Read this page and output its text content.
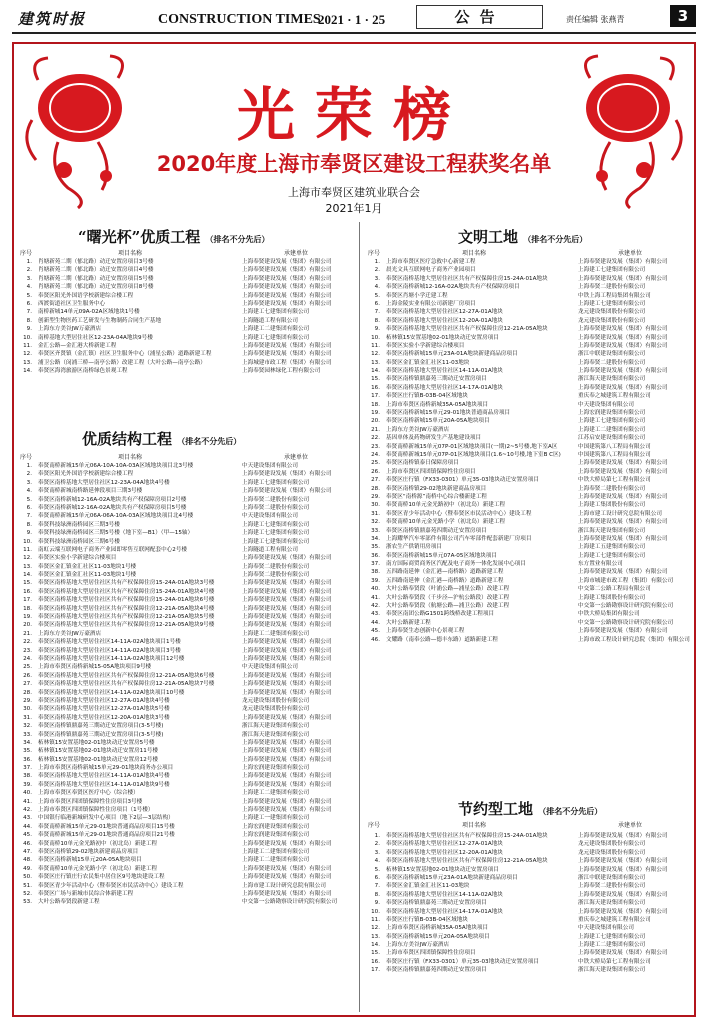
建筑时报	CONSTRUCTION TIMES
2021 · 1 · 25	公告	责任编辑 张燕青	3
光荣榜
2020年度上海市奉贤区建设工程获奖名单
上海市奉贤区建筑业联合会
2021年1月
“曙光杯”优质工程 （排名不分先后）
序号	项目名称	承建单位
1. 肖塘新苑二期（郁北路）动迁安置房项目3号楼	上海奉贤建设发展（集团）有限公司
2. 肖塘新苑二期（郁北路）动迁安置房项目4号楼	上海奉贤建设发展（集团）有限公司
3. 肖塘新苑二期（郁北路）动迁安置房项目5号楼	上海奉贤建设发展（集团）有限公司
4. 肖塘新苑二期（郁北路）动迁安置房项目8号楼	上海奉贤建设发展（集团）有限公司
5. 奉贤区阳光外国语学校新建综合楼工程	上海奉贤建设发展（集团）有限公司
6. 西渡街道社区卫生服务中心	上海奉贤建设发展（集团）有限公司
7. 南桥新城14单元09A-02A区域地块1号楼	上海建工七建集团有限公司
8. 创新型生物医药工艺研发与生物制药合同生产基地	上海隧道工程有限公司
9. 上海东方美谷JW万豪酒店	上海建工二建集团有限公司
10. 南桥基地大型居住社区12-23A-04A地块9号楼	上海建工七建集团有限公司
11. 金汇公路—金汇港大桥新建工程	上海奉贤建设发展（集团）有限公司
12. 奉贤区齐贤镇（金汇镇）社区卫生服务中心（浦星公路）道路新建工程	上海奉贤建设发展（集团）有限公司
13. 浦卫公路（闵浦三桥—南亭公路）改建工程（大叶公路—南亭公路）	上海城建市政工程（集团）有限公司
14. 奉贤区海湾旅游区南桥绿色景观工程	上海奉贤园林绿化工程有限公司
优质结构工程 （排名不分先后）
序号	项目名称	承建单位
1. 奉贤南桥新城15单元06A-10A-10A-03A区域地块项目北3号楼	中天建设集团有限公司
2. 奉贤区阳光外国语学校新建综合楼工程	上海奉贤建设发展（集团）有限公司
3. 奉贤区南桥基地大型居住社区12-23A-04A地块4号楼	上海建工七建集团有限公司
4. 奉贤南桥新城南桥路延伸段项目三期3号楼	上海奉贤建设发展（集团）有限公司
5. 奉贤区南桥新城12-16A-02A地块共有产权保障房项目2号楼	上海奉贤二建股份有限公司
6. 奉贤区南桥新城12-16A-02A地块共有产权保障房项目5号楼	上海奉贤二建股份有限公司
7. 奉贤南桥新城15单元06A-06A-10A-03A区域地块项目北4号楼	中天建设集团有限公司
8. 奉贤科技绿洲南桥园区三期3号楼	上海建工七建集团有限公司
9. 奉贤科技绿洲南桥园区三期5号楼（地下室—B1）（甲—15轴）	上海建工七建集团有限公司
10. 奉贤科技绿洲南桥园区三期6号楼	上海建工七建集团有限公司
11. 南虹云端互联网电子商务产业园即零售互联网配套中心2号楼	上海隧道工程有限公司
12. 奉贤区实验小学新建综合楼项目	上海奉贤建设发展（集团）有限公司
13. 奉贤区金汇镇金汇社区11-03地块1号楼	上海奉贤二建股份有限公司
14. 奉贤区金汇镇金汇社区11-03地块1号楼	上海奉贤二建股份有限公司
15. 奉贤区南桥基地大型居住社区共有产权保障住房15-24A-01A地块3号楼	上海奉贤建设发展（集团）有限公司
16. 奉贤区南桥基地大型居住社区共有产权保障住房15-24A-01A地块4号楼	上海奉贤建设发展（集团）有限公司
17. 奉贤区南桥基地大型居住社区共有产权保障住房15-24A-01A地块6号楼	上海奉贤建设发展（集团）有限公司
18. 奉贤区南桥基地大型居住社区共有产权保障住房12-21A-05A地块4号楼	上海奉贤建设发展（集团）有限公司
19. 奉贤区南桥基地大型居住社区共有产权保障住房12-21A-05A地块5号楼	上海奉贤建设发展（集团）有限公司
20. 奉贤区南桥基地大型居住社区共有产权保障住房12-21A-05A地块9号楼	上海奉贤建设发展（集团）有限公司
21. 上海东方美谷JW万豪酒店	上海建工二建集团有限公司
22. 奉贤区南桥基地大型居住社区14-11A-02A地块项目1号楼	上海奉贤建设发展（集团）有限公司
23. 奉贤区南桥基地大型居住社区14-11A-02A地块项目3号楼	上海奉贤建设发展（集团）有限公司
24. 奉贤区南桥基地大型居住社区14-11A-02A地块项目12号楼	上海奉贤建设发展（集团）有限公司
25. 上海市奉贤区南桥新城15-05A地块项目9号楼	中天建设集团有限公司
26. 奉贤区南桥基地大型居住社区共有产权保障住房12-21A-05A地块6号楼	上海奉贤建设发展（集团）有限公司
27. 奉贤区南桥基地大型居住社区共有产权保障住房12-21A-05A地块7号楼	上海奉贤建设发展（集团）有限公司
28. 奉贤区南桥基地大型居住社区14-11A-02A地块项目10号楼	上海奉贤建设发展（集团）有限公司
29. 奉贤区南桥基地大型居住社区12-27A-01A地块4号楼	龙元建设集团股份有限公司
30. 奉贤区南桥基地大型居住社区12-27A-01A地块5号楼	龙元建设集团股份有限公司
31. 奉贤区南桥基地大型居住社区12-20A-01A地块3号楼	上海奉贤建设发展（集团）有限公司
32. 奉贤区南桥镇鼎嘉苑三期动迁安置房项目(3-5号楼)	浙江海天建设集团有限公司
33. 奉贤区南桥镇鼎嘉苑三期动迁安置房项目(3-5号楼)	浙江海天建设集团有限公司
34. 柘林镇15安置基地02-01地块动迁安置房5号楼	上海奉贤建设发展（集团）有限公司
35. 柘林镇15安置基地02-01地块动迁安置房11号楼	上海奉贤建设发展（集团）有限公司
36. 柘林镇15安置基地02-01地块动迁安置房12号楼	上海奉贤建设发展（集团）有限公司
37. 上海市奉贤区南桥新城15单元29-01地块商务办公项目	上海宏润建设集团有限公司
38. 奉贤区南桥基地大型居住社区14-11A-01A地块4号楼	上海奉贤建设发展（集团）有限公司
39. 奉贤区南桥基地大型居住社区14-11A-01A地块9号楼	上海奉贤建设发展（集团）有限公司
40. 上海市奉贤区奉贤区医疗中心（综合楼）	上海建工二建集团有限公司
41. 上海市奉贤区四团镇保障性住房项目3号楼	上海奉贤建设发展（集团）有限公司
42. 上海市奉贤区四团镇保障性住房项目（1号楼）	上海奉贤建设发展（集团）有限公司
43. 中国银行临港新城研发中心项目（地下2层—3层结构）	上海建工一建集团有限公司
44. 奉贤南桥新城15单元29-01地块普通商品房项目15号楼	上海宏润建设集团有限公司
45. 奉贤南桥新城15单元29-01地块普通商品房项目21号楼	上海宏润建设集团有限公司
46. 奉贤南桥10单元金光路初中（初北岛）新建工程	上海奉贤建设发展（集团）有限公司
47. 奉贤区南桥镇29-02地块新建商品房项目	上海建工二建集团有限公司
48. 奉贤区南桥新城15单元20A-05A地块项目	上海建工二建集团有限公司
49. 奉贤南桥10单元金光路小学（初北岛）新建工程	上海奉贤建设发展（集团）有限公司
50. 奉贤区庄行镇庄行农民集中居住区9号地块建设工程	上海奉贤建设发展（集团）有限公司
51. 奉贤区青少年活动中心（暨奉贤区市民活动中心）建设工程	上海市建工设计研究总院有限公司
52. 奉贤区广场与新城市民综合体新建工程	上海奉贤建设发展（集团）有限公司
53. 大叶公路奉贤段新建工程	中交第一公路勘察设计研究院有限公司
文明工地 （排名不分先后）
序号	项目名称	承建单位
1. 上海市奉贤区医疗急救中心新建工程	上海奉贤建设发展（集团）有限公司
2. 晨光文具互联网电子商务产业园项目	上海建工七建集团有限公司
3. 奉贤区南桥基地大型居住社区共有产权保障住房15-24A-01A地块	上海奉贤建设发展（集团）有限公司
4. 奉贤区南桥新城12-16A-02A地块共有产权保障房项目	上海奉贤二建股份有限公司
5. 奉贤区肖塘小学迁建工程	中铁上海工程局集团有限公司
6. 上海金陵实业有限公司新建厂房项目	上海建工七建集团有限公司
7. 奉贤区南桥基地大型居住社区12-27A-01A地块	龙元建设集团股份有限公司
8. 奉贤区南桥基地大型居住社区12-20A-01A地块	龙元建设集团股份有限公司
9. 奉贤区南桥基地大型居住社区共有产权保障住房12-21A-05A地块	上海奉贤建设发展（集团）有限公司
10. 柘林镇15安置基地02-01地块动迁安置房项目	上海奉贤建设发展（集团）有限公司
11. 奉贤区实验小学新建综合楼项目	上海奉贤建设发展（集团）有限公司
12. 奉贤区南桥新城15单元23A-01A地块新建商品房项目	浙江中联建设集团有限公司
13. 奉贤区金汇镇金汇社区11-03地块	上海奉贤二建股份有限公司
14. 奉贤区南桥基地大型居住社区14-11A-01A地块	上海奉贤建设发展（集团）有限公司
15. 奉贤区南桥镇鼎嘉苑三期动迁安置房项目	浙江海天建设集团有限公司
16. 奉贤区南桥基地大型居住社区14-17A-01A地块	上海奉贤建设发展（集团）有限公司
17. 奉贤区庄行镇B-03B-04区域地块	重庆奉之城建筑工程有限公司
18. 上海市奉贤区南桥新城35A-05A地块项目	中天建设集团有限公司
19. 奉贤区南桥新城15单元29-01地块普通商品房项目	上海宏润建设集团有限公司
20. 奉贤区南桥新城15单元20A-05A地块项目	上海建工七建集团有限公司
21. 上海东方美谷JW万豪酒店	上海建工二建集团有限公司
22. 基因单体及药物研发生产基地建设项目	江苏启安建设集团有限公司
23. 奉贤南桥新城15单元07P-01区域地块项目(一期)2~5号楼,地下室A区	中国建筑第八工程局有限公司
24. 奉贤南桥新城15单元07P-01区域地块项目(1.6~10号楼,地下室B C区)	中国建筑第八工程局有限公司
25. 奉贤区南桥镇泰日保障房项目	上海奉贤建设发展（集团）有限公司
26. 上海市奉贤区四团镇保障性住房项目	上海奉贤建设发展（集团）有限公司
27. 奉贤区庄行镇（FX33-0301）单元35-03地块动迁安置房项目	中铁大桥局第七工程有限公司
28. 奉贤区南桥镇29-02地块新建商品房项目	上海奉贤二建股份有限公司
29. 奉贤区“南桥源”南桥中心综合楼新建工程	上海奉贤建设发展（集团）有限公司
30. 奉贤南桥10单元金光路初中（初北岛）新建工程	上海建工集团股份有限公司
31. 奉贤区青少年活动中心（暨奉贤区市民活动中心）建设工程	上海市建工设计研究总院有限公司
32. 奉贤南桥10单元金光路小学（初北岛）新建工程	上海奉贤建设发展（集团）有限公司
33. 奉贤区南桥镇鼎嘉苑四期动迁安置房项目	浙江海天建设集团有限公司
34. 上海耀华汽车零部件有限公司汽车零部件配套新建厂房项目	上海奉贤建设发展（集团）有限公司
35. 浙农生产供销用房项目	上海建工五建集团有限公司
36. 奉贤区南桥新城15单元07A-05区域地块项目	上海建工七建集团有限公司
37. 南方国际商贸商务区汽配及电子商务一体化发展中心项目	东方置业有限公司
38. 五四路南延伸（金汇港—南桥路）道路新建工程	上海奉贤建设发展（集团）有限公司
39. 五四路南延伸（金汇港—南桥路）道路新建工程	上海市城建市政工程（集团）有限公司
40. 大叶公路奉贤段（叶浦公路—浦星公路）改建工程	中交第二公路工程局有限公司
41. 大叶公路奉贤段（千步泾—沪杭公路段）改建工程	上海建工集团股份有限公司
42. 大叶公路奉贤段（航塘公路—浦卫公路）改建工程	中交第一公路勘察设计研究院有限公司
43. 奉贤区南团公路G1501跨线桥改建工程项目	中铁大桥局集团有限公司
44. 大叶公路新建工程	中交第一公路勘察设计研究院有限公司
45. 上海奉贤生态创新中心景观工程	上海奉贤建设发展（集团）有限公司
46. 文耀路（南奉公路—德丰东路）道路新建工程	上海市政工程设计研究总院（集团）有限公司
节约型工地 （排名不分先后）
序号	项目名称	承建单位
1. 奉贤区南桥基地大型居住社区共有产权保障住房15-24A-01A地块	上海奉贤建设发展（集团）有限公司
2. 奉贤区南桥基地大型居住社区12-27A-01A地块	龙元建设集团股份有限公司
3. 奉贤区南桥基地大型居住社区12-20A-01A地块	龙元建设集团股份有限公司
4. 奉贤区南桥基地大型居住社区共有产权保障住房12-21A-05A地块	上海奉贤建设发展（集团）有限公司
5. 柘林镇15安置基地02-01地块动迁安置房项目	上海奉贤建设发展（集团）有限公司
6. 奉贤区南桥新城15单元23A-01A地块新建商品房项目	浙江中联建设集团有限公司
7. 奉贤区金汇镇金汇社区11-03地块	上海奉贤二建股份有限公司
8. 奉贤区南桥基地大型居住社区14-11A-02A地块	上海奉贤建设发展（集团）有限公司
9. 奉贤区南桥镇鼎嘉苑三期动迁安置房项目	浙江海天建设集团有限公司
10. 奉贤区南桥基地大型居住社区14-17A-01A地块	上海奉贤建设发展（集团）有限公司
11. 奉贤区庄行镇B-03B-04区域地块	重庆奉之城建筑工程有限公司
12. 上海市奉贤区南桥新城35A-05A地块项目	中天建设集团有限公司
13. 奉贤区南桥新城15单元20A-05A地块项目	上海建工七建集团有限公司
14. 上海东方美谷JW万豪酒店	上海建工二建集团有限公司
15. 上海市奉贤区四团镇保障性住房项目	上海奉贤建设发展（集团）有限公司
16. 奉贤区庄行镇（FX33-0301）单元35-03地块动迁安置房项目	中铁大桥局第七工程有限公司
17. 奉贤区南桥镇鼎嘉苑四期动迁安置房项目	浙江海天建设集团有限公司
